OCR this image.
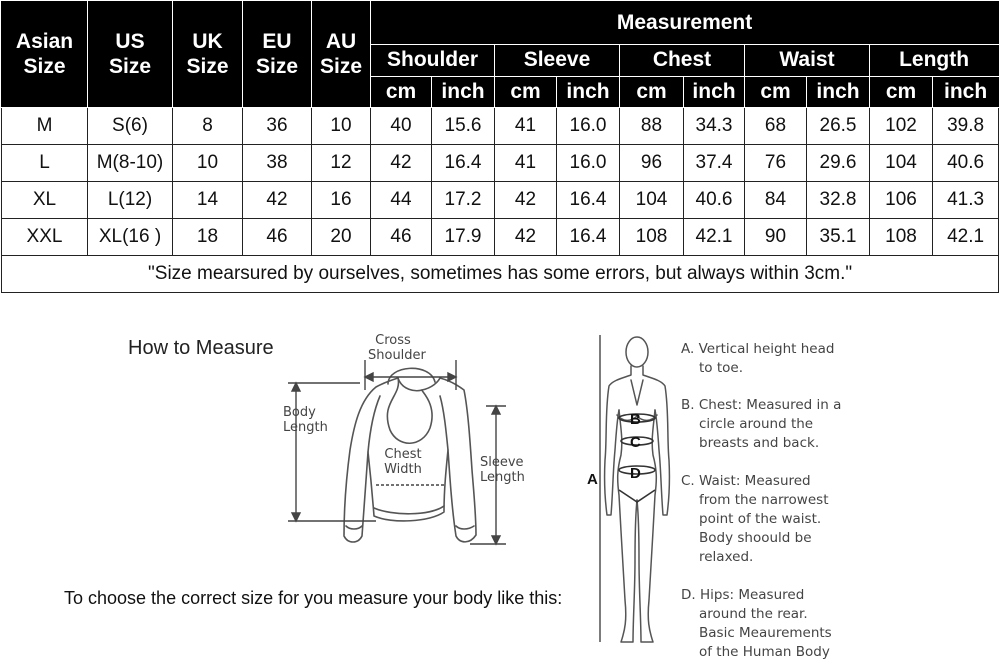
Asian
Size	US
Size	UK
Size	EU
Size	AU
Size	Measurement									
					Shoulder		Sleeve		Chest		Waist		Length	
					cm	inch	cm	inch	cm	inch	cm	inch	cm	inch
M	S(6)	8	36	10	40	15.6	41	16.0	88	34.3	68	26.5	102	39.8
L	M(8-10)	10	38	12	42	16.4	41	16.0	96	37.4	76	29.6	104	40.6
XL	L(12)	14	42	16	44	17.2	42	16.4	104	40.6	84	32.8	106	41.3
XXL	XL(16 )	18	46	20	46	17.9	42	16.4	108	42.1	90	35.1	108	42.1
"Size mearsured by ourselves, sometimes has some errors, but always within 3cm."														
How to Measure	Cross
Shoulder
Body
Length
Chest
Width	Sleeve
Length
To choose the correct size for you measure your body like this:
B
C
D
A
A. Vertical height head
to toe.
B. Chest: Measured in a
circle around the
breasts and back.
C. Waist: Measured
from the narrowest
point of the waist.
Body shoould be
relaxed.
D. Hips: Measured
around the rear.
Basic Meaurements
of the Human Body
